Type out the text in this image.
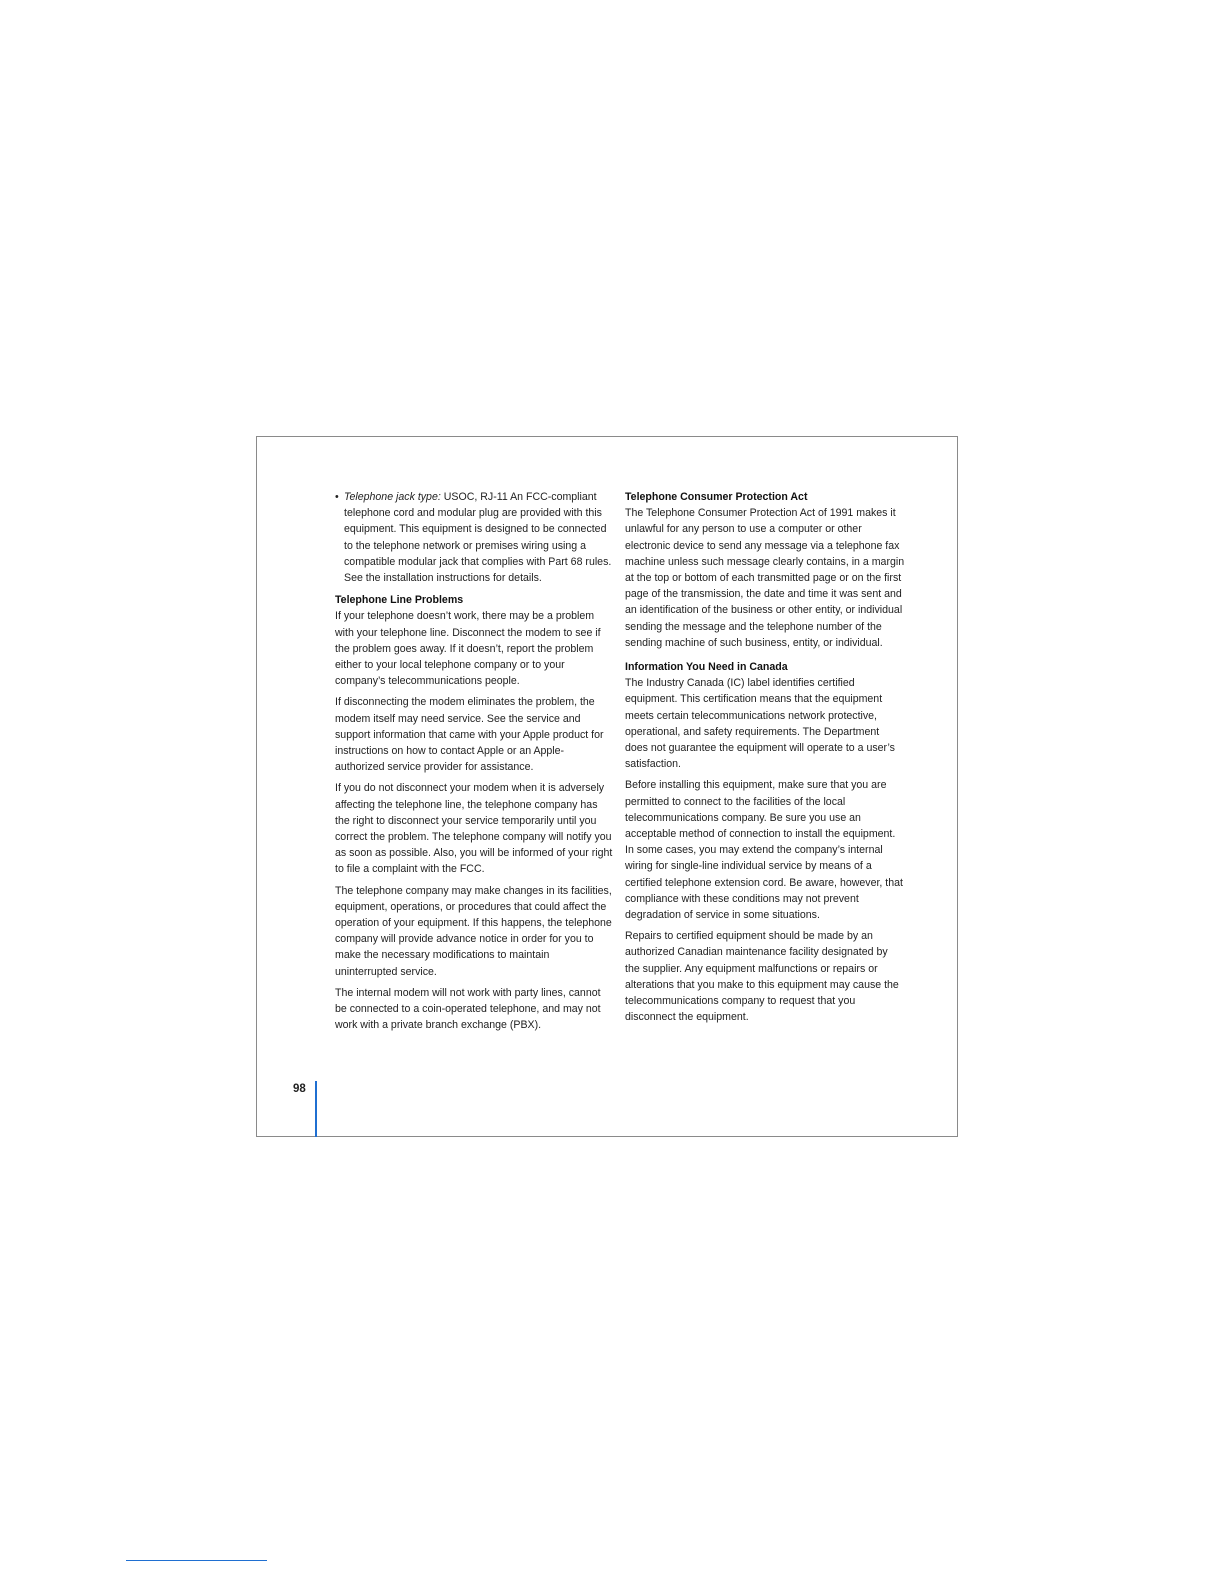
• Telephone jack type: USOC, RJ-11 An FCC-compliant telephone cord and modular plug are provided with this equipment. This equipment is designed to be connected to the telephone network or premises wiring using a compatible modular jack that complies with Part 68 rules. See the installation instructions for details.

Telephone Line Problems

If your telephone doesn’t work, there may be a problem with your telephone line. Disconnect the modem to see if the problem goes away. If it doesn’t, report the problem either to your local telephone company or to your company’s telecommunications people.

If disconnecting the modem eliminates the problem, the modem itself may need service. See the service and support information that came with your Apple product for instructions on how to contact Apple or an Apple-authorized service provider for assistance.

If you do not disconnect your modem when it is adversely affecting the telephone line, the telephone company has the right to disconnect your service temporarily until you correct the problem. The telephone company will notify you as soon as possible. Also, you will be informed of your right to file a complaint with the FCC.

The telephone company may make changes in its facilities, equipment, operations, or procedures that could affect the operation of your equipment. If this happens, the telephone company will provide advance notice in order for you to make the necessary modifications to maintain uninterrupted service.

The internal modem will not work with party lines, cannot be connected to a coin-operated telephone, and may not work with a private branch exchange (PBX).

Telephone Consumer Protection Act

The Telephone Consumer Protection Act of 1991 makes it unlawful for any person to use a computer or other electronic device to send any message via a telephone fax machine unless such message clearly contains, in a margin at the top or bottom of each transmitted page or on the first page of the transmission, the date and time it was sent and an identification of the business or other entity, or individual sending the message and the telephone number of the sending machine of such business, entity, or individual.

Information You Need in Canada

The Industry Canada (IC) label identifies certified equipment. This certification means that the equipment meets certain telecommunications network protective, operational, and safety requirements. The Department does not guarantee the equipment will operate to a user’s satisfaction.

Before installing this equipment, make sure that you are permitted to connect to the facilities of the local telecommunications company. Be sure you use an acceptable method of connection to install the equipment. In some cases, you may extend the company’s internal wiring for single-line individual service by means of a certified telephone extension cord. Be aware, however, that compliance with these conditions may not prevent degradation of service in some situations.

Repairs to certified equipment should be made by an authorized Canadian maintenance facility designated by the supplier. Any equipment malfunctions or repairs or alterations that you make to this equipment may cause the telecommunications company to request that you disconnect the equipment.

98
